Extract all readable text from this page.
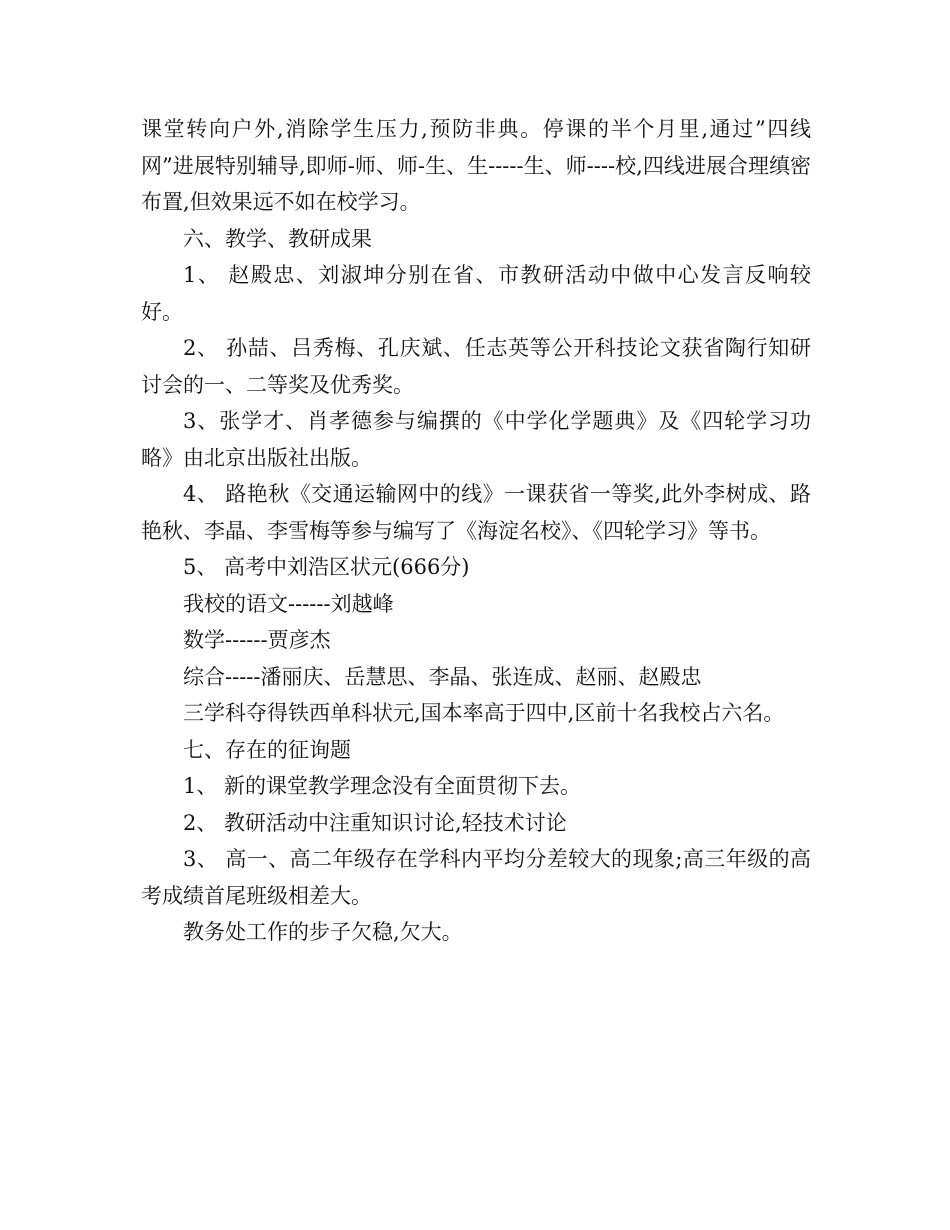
课堂转向户外,消除学生压力,预防非典。停课的半个月里,通过”四线网”进展特别辅导,即师-师、师-生、生-----生、师----校,四线进展合理缜密布置,但效果远不如在校学习。

六、教学、教研成果

1、 赵殿忠、刘淑坤分别在省、市教研活动中做中心发言反响较好。

2、 孙喆、吕秀梅、孔庆斌、任志英等公开科技论文获省陶行知研讨会的一、二等奖及优秀奖。

3、张学才、肖孝德参与编撰的《中学化学题典》及《四轮学习功略》由北京出版社出版。

4、 路艳秋《交通运输网中的线》一课获省一等奖,此外李树成、路艳秋、李晶、李雪梅等参与编写了《海淀名校》、《四轮学习》等书。

5、 高考中刘浩区状元(666分)

我校的语文------刘越峰

数学------贾彦杰

综合-----潘丽庆、岳慧思、李晶、张连成、赵丽、赵殿忠

三学科夺得铁西单科状元,国本率高于四中,区前十名我校占六名。

七、存在的征询题

1、 新的课堂教学理念没有全面贯彻下去。

2、 教研活动中注重知识讨论,轻技术讨论

3、 高一、高二年级存在学科内平均分差较大的现象;高三年级的高考成绩首尾班级相差大。

教务处工作的步子欠稳,欠大。
